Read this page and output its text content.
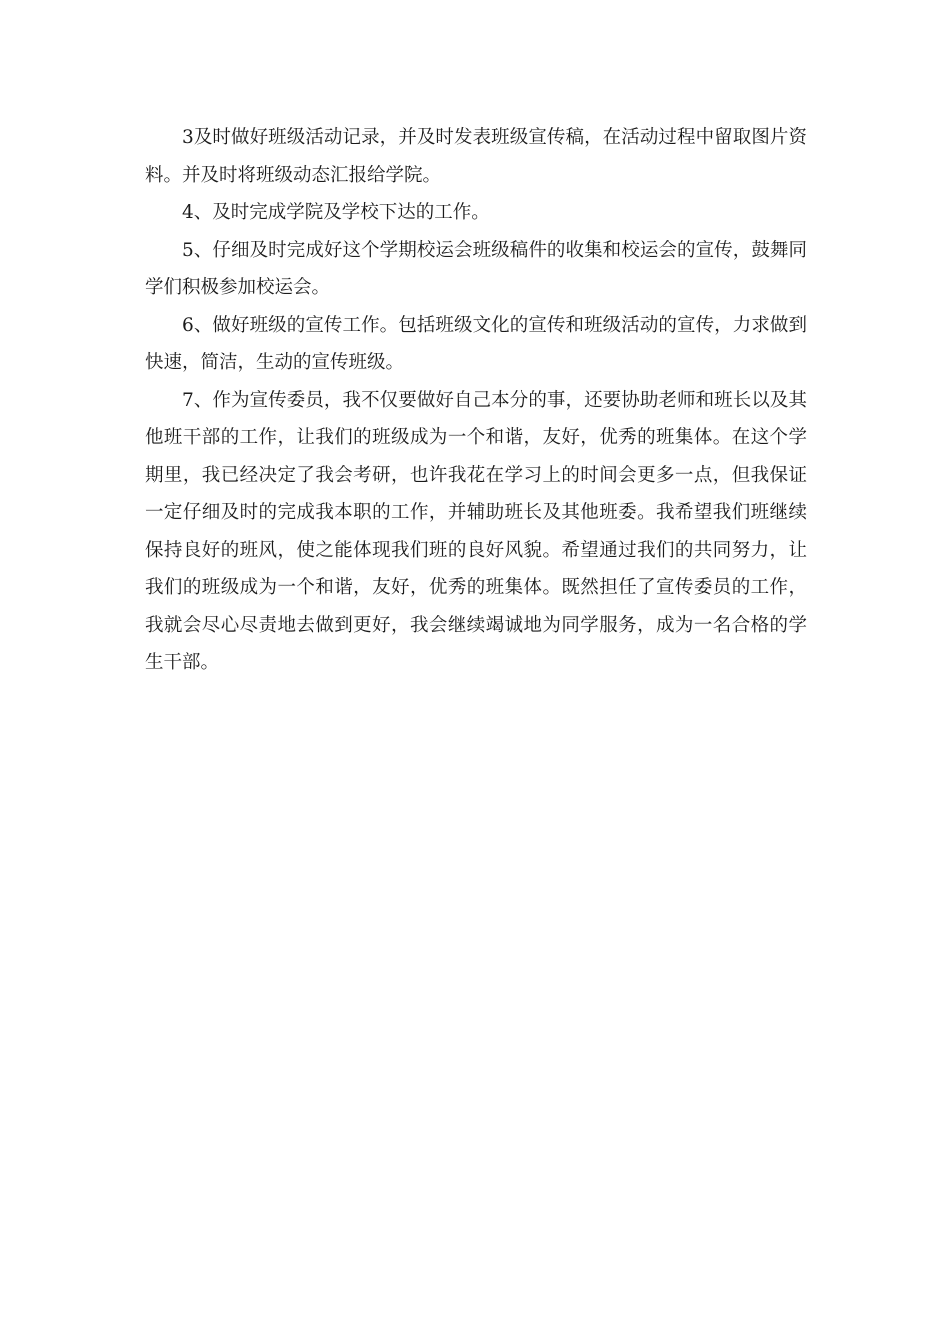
3及时做好班级活动记录，并及时发表班级宣传稿，在活动过程中留取图片资料。并及时将班级动态汇报给学院。

4、及时完成学院及学校下达的工作。

5、仔细及时完成好这个学期校运会班级稿件的收集和校运会的宣传，鼓舞同学们积极参加校运会。

6、做好班级的宣传工作。包括班级文化的宣传和班级活动的宣传，力求做到快速，简洁，生动的宣传班级。

7、作为宣传委员，我不仅要做好自己本分的事，还要协助老师和班长以及其他班干部的工作，让我们的班级成为一个和谐，友好，优秀的班集体。在这个学期里，我已经决定了我会考研，也许我花在学习上的时间会更多一点，但我保证一定仔细及时的完成我本职的工作，并辅助班长及其他班委。我希望我们班继续保持良好的班风，使之能体现我们班的良好风貌。希望通过我们的共同努力，让我们的班级成为一个和谐，友好，优秀的班集体。既然担任了宣传委员的工作，我就会尽心尽责地去做到更好，我会继续竭诚地为同学服务，成为一名合格的学生干部。
